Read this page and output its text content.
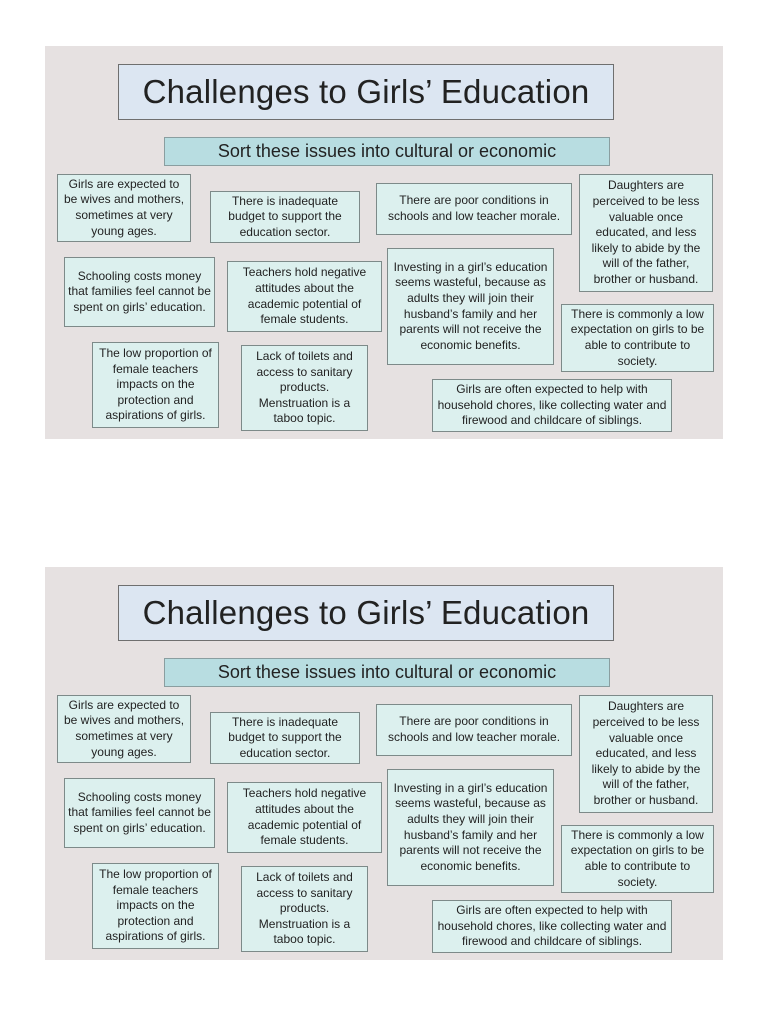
Challenges to Girls’ Education
Sort these issues into cultural or economic
Girls are expected to be wives and mothers, sometimes at very young ages.
There is inadequate budget to support the education sector.
There are poor conditions in schools and low teacher morale.
Daughters are perceived to be less valuable once educated, and less likely to abide by the will of the father, brother or husband.
Schooling costs money that families feel cannot be spent on girls’ education.
Teachers hold negative attitudes about the academic potential of female students.
Investing in a girl’s education seems wasteful, because as adults they will join their husband’s family and her parents will not receive the economic benefits.
There is commonly a low expectation on girls to be able to contribute to society.
The low proportion of female teachers impacts on the protection and aspirations of girls.
Lack of toilets and access to sanitary products. Menstruation is a taboo topic.
Girls are often expected to help with household chores, like collecting water and firewood and childcare of siblings.
Challenges to Girls’ Education
Sort these issues into cultural or economic
Girls are expected to be wives and mothers, sometimes at very young ages.
There is inadequate budget to support the education sector.
There are poor conditions in schools and low teacher morale.
Daughters are perceived to be less valuable once educated, and less likely to abide by the will of the father, brother or husband.
Schooling costs money that families feel cannot be spent on girls’ education.
Teachers hold negative attitudes about the academic potential of female students.
Investing in a girl’s education seems wasteful, because as adults they will join their husband’s family and her parents will not receive the economic benefits.
There is commonly a low expectation on girls to be able to contribute to society.
The low proportion of female teachers impacts on the protection and aspirations of girls.
Lack of toilets and access to sanitary products. Menstruation is a taboo topic.
Girls are often expected to help with household chores, like collecting water and firewood and childcare of siblings.
